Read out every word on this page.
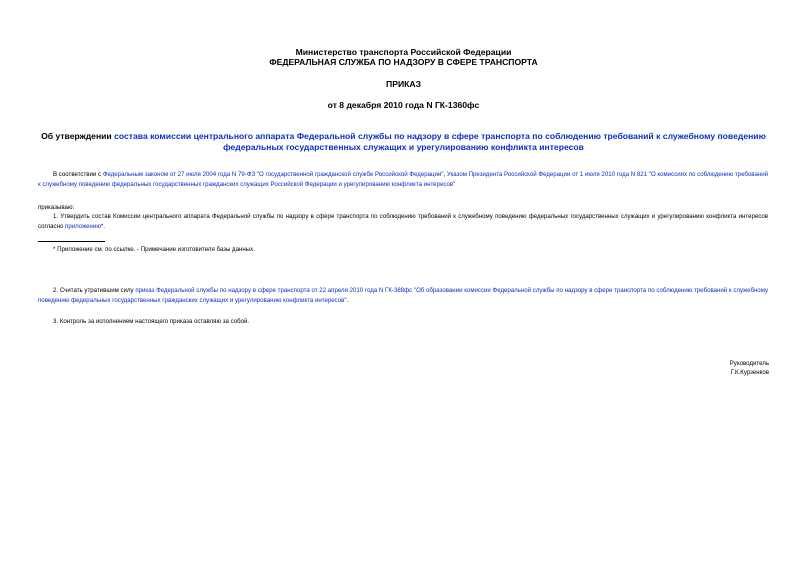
Министерство транспорта Российской Федерации
ФЕДЕРАЛЬНАЯ СЛУЖБА ПО НАДЗОРУ В СФЕРЕ ТРАНСПОРТА
ПРИКАЗ
от 8 декабря 2010 года N ГК-1360фс
Об утверждении состава комиссии центрального аппарата Федеральной службы по надзору в сфере транспорта по соблюдению требований к служебному поведению федеральных государственных служащих и урегулированию конфликта интересов
В соответствии с Федеральным законом от 27 июля 2004 года N 79-ФЗ "О государственной гражданской службе Российской Федерации", Указом Президента Российской Федерации от 1 июля 2010 года N 821 "О комиссиях по соблюдению требований к служебному поведению федеральных государственных гражданских служащих Российской Федерации и урегулированию конфликта интересов"
приказываю:
1. Утвердить состав Комиссии центрального аппарата Федеральной службы по надзору в сфере транспорта по соблюдению требований к служебному поведению федеральных государственных служащих и урегулированию конфликта интересов согласно приложению*.
* Приложение см. по ссылке. - Примечание изготовителя базы данных.
2. Считать утратившим силу приказ Федеральной службы по надзору в сфере транспорта от 22 апреля 2010 года N ГК-388фс "Об образовании комиссии Федеральной службы по надзору в сфере транспорта по соблюдению требований к служебному поведению федеральных государственных гражданских служащих и урегулированию конфликта интересов".
3. Контроль за исполнением настоящего приказа оставляю за собой.
Руководитель
Г.К.Курзенков
